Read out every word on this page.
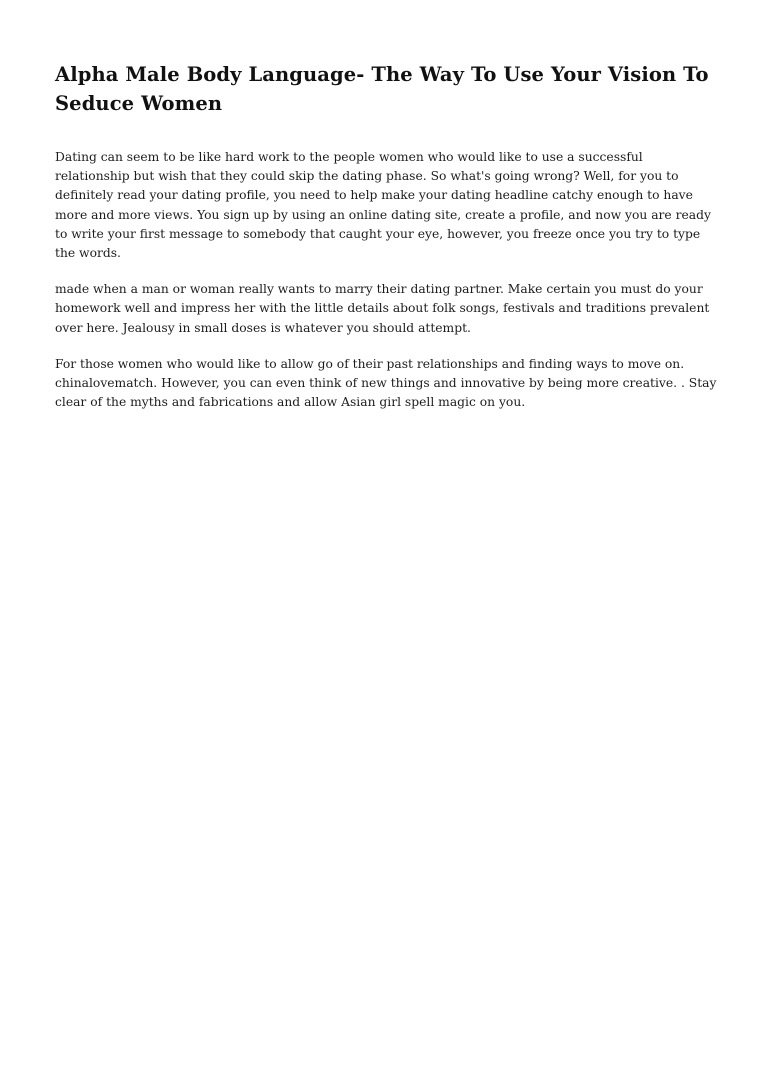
Alpha Male Body Language- The Way To Use Your Vision To Seduce Women

Dating can seem to be like hard work to the people women who would like to use a successful relationship but wish that they could skip the dating phase. So what's going wrong? Well, for you to definitely read your dating profile, you need to help make your dating headline catchy enough to have more and more views. You sign up by using an online dating site, create a profile, and now you are ready to write your first message to somebody that caught your eye, however, you freeze once you try to type the words.

made when a man or woman really wants to marry their dating partner. Make certain you must do your homework well and impress her with the little details about folk songs, festivals and traditions prevalent over here. Jealousy in small doses is whatever you should attempt.

For those women who would like to allow go of their past relationships and finding ways to move on. chinalovematch. However, you can even think of new things and innovative by being more creative. . Stay clear of the myths and fabrications and allow Asian girl spell magic on you.
